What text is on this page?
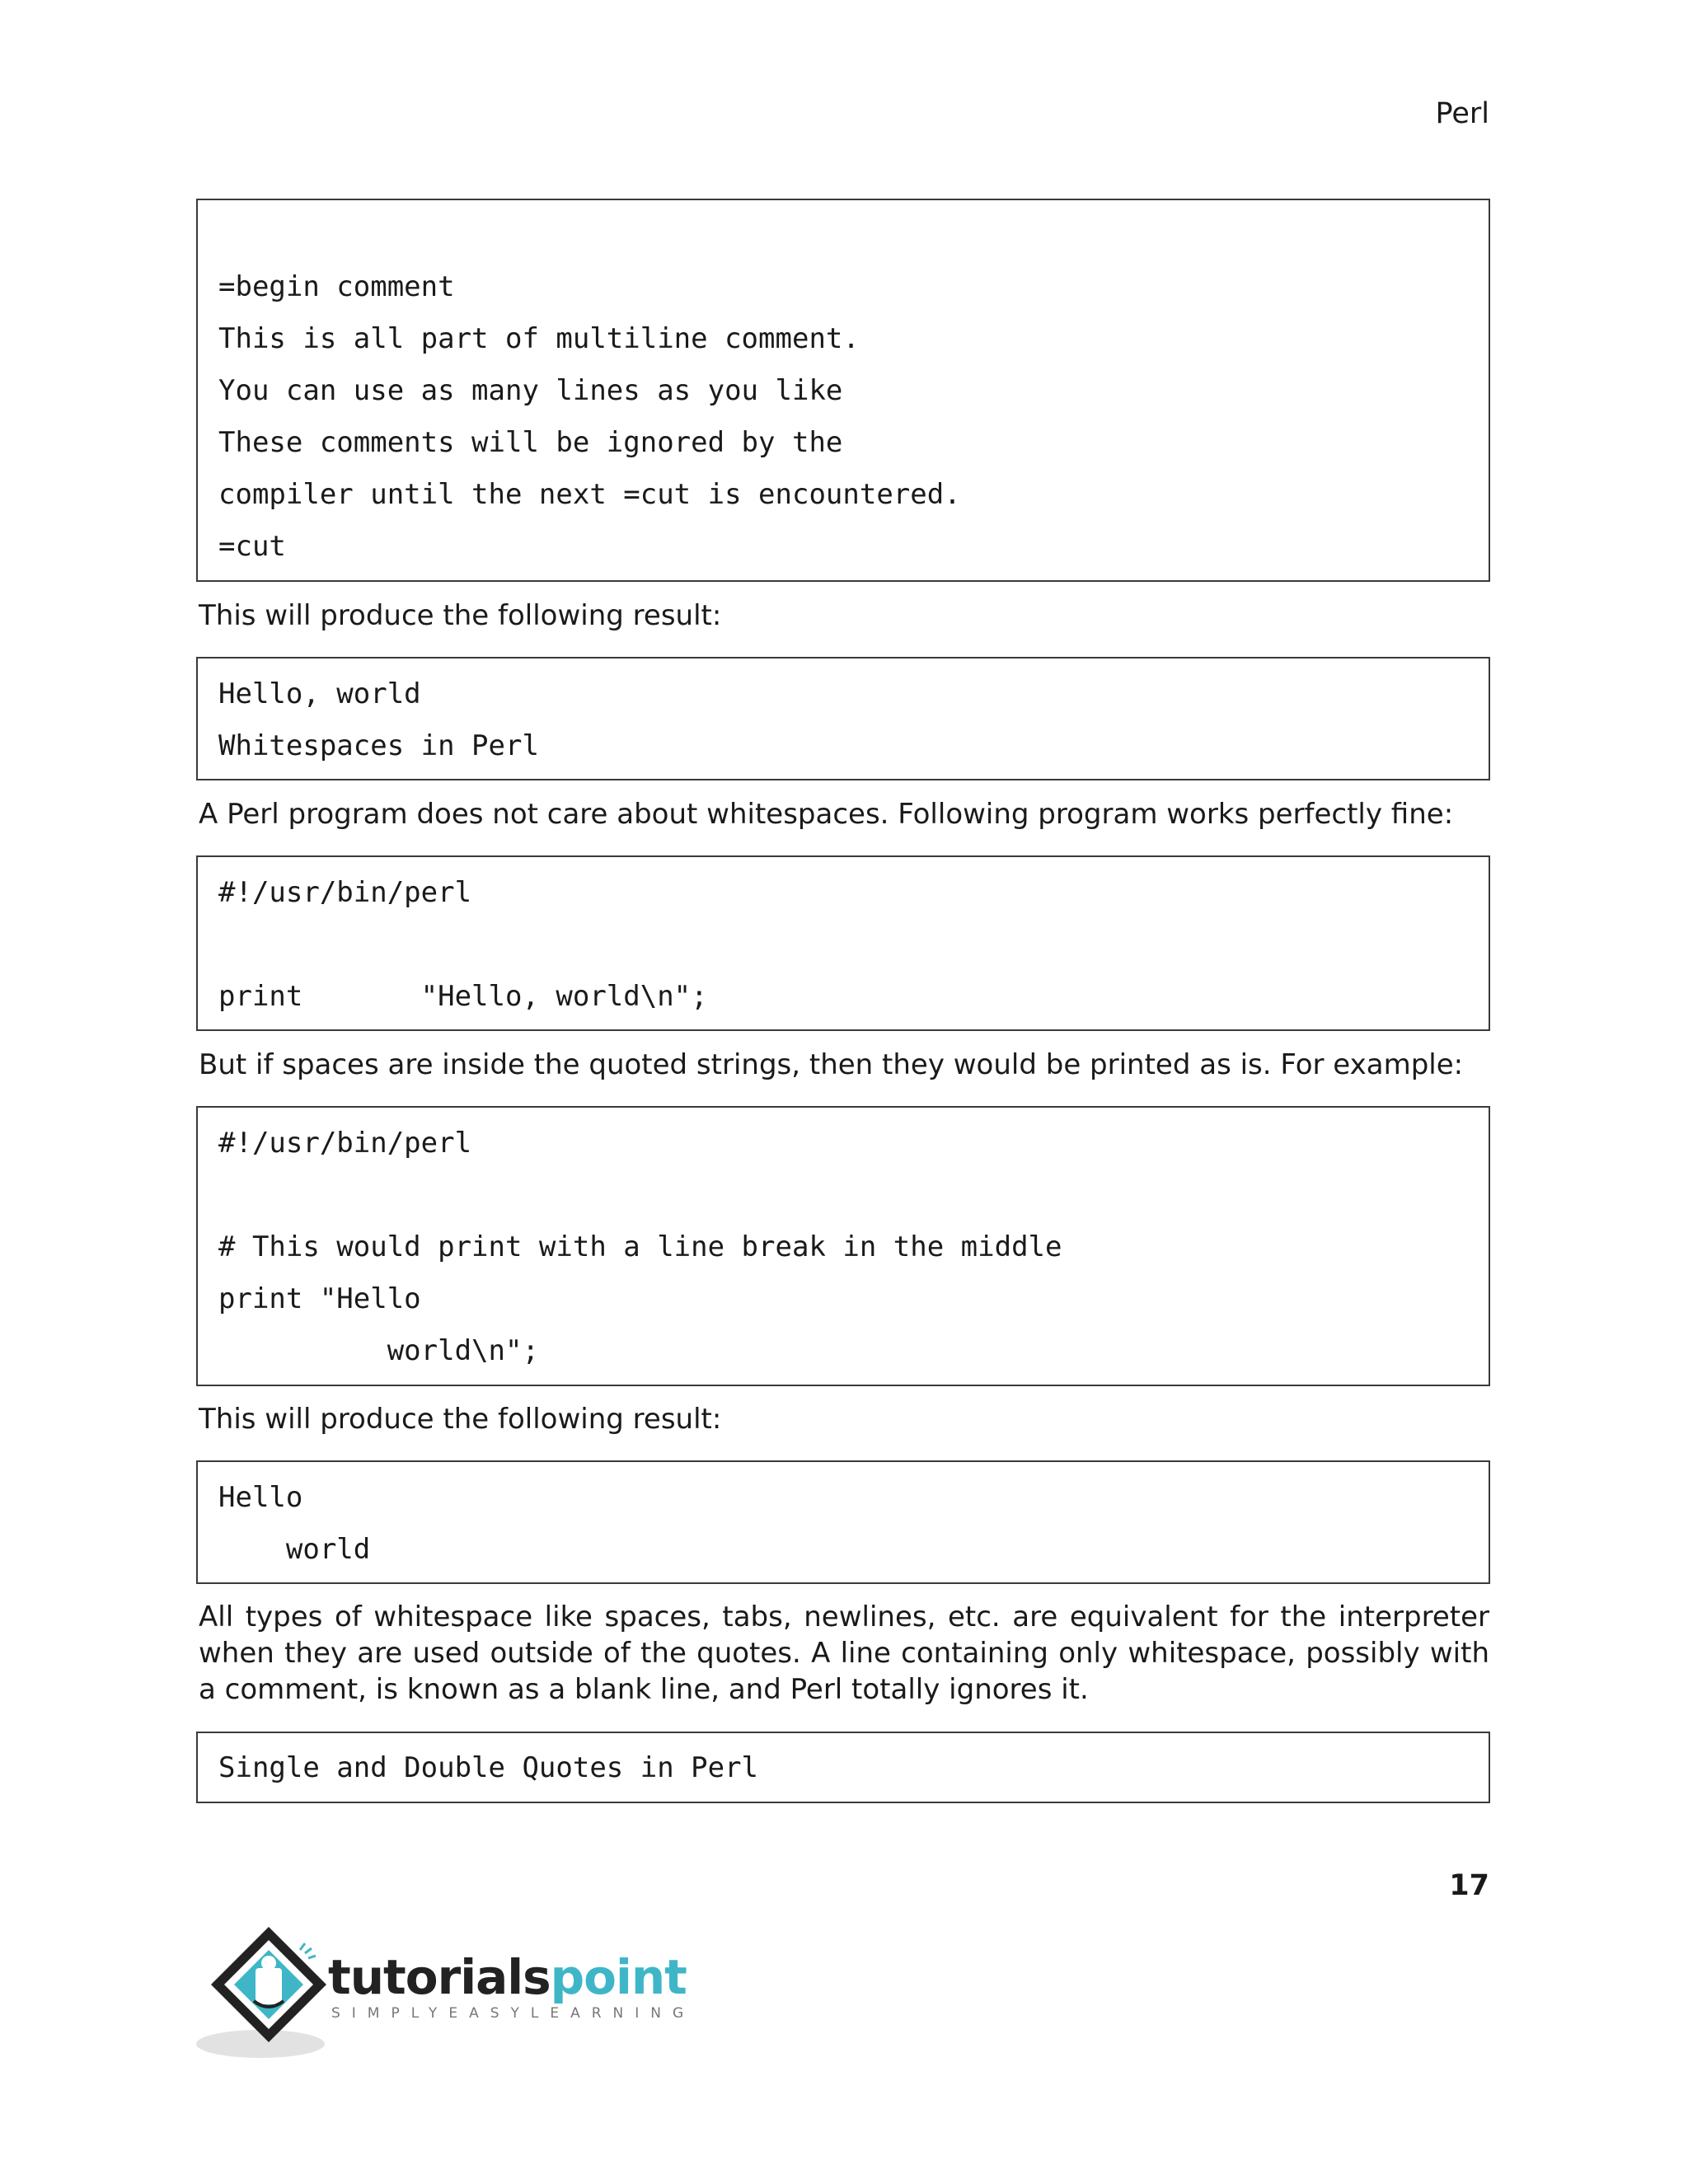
Perl
=begin comment
This is all part of multiline comment.
You can use as many lines as you like
These comments will be ignored by the
compiler until the next =cut is encountered.
=cut
This will produce the following result:
Hello, world
Whitespaces in Perl
A Perl program does not care about whitespaces. Following program works perfectly fine:
#!/usr/bin/perl
print       "Hello, world\n";
But if spaces are inside the quoted strings, then they would be printed as is. For example:
#!/usr/bin/perl
# This would print with a line break in the middle
print "Hello
world\n";
This will produce the following result:
Hello
world
All types of whitespace like spaces, tabs, newlines, etc. are equivalent for the interpreter when they are used outside of the quotes. A line containing only whitespace, possibly with a comment, is known as a blank line, and Perl totally ignores it.
Single and Double Quotes in Perl
17
tutorialspoint
SIMPLYEASYLEARNING
